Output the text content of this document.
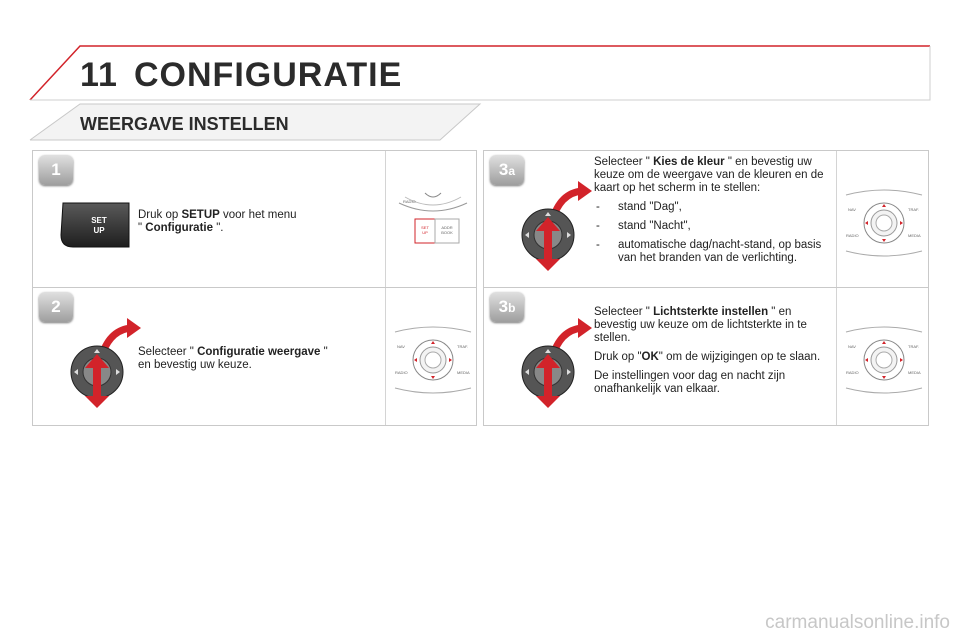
11 CONFIGURATIE
WEERGAVE INSTELLEN
1
SET
UP
Druk op SETUP voor het menu
" Configuratie ".
RADIO
SET
UP
ADDR
BOOK
2
Selecteer " Configuratie weergave "
en bevestig uw keuze.
NAV	TRAF.
RADIO	MEDIA
3a

Selecteer " Kies de kleur " en bevestig uw keuze om de weergave van de kleuren en de kaart op het scherm in te stellen:

- stand "Dag",
- stand "Nacht",
- automatische dag/nacht-stand, op basis van het branden van de verlichting.
NAV	TRAF.
RADIO	MEDIA
3b	Selecteer " Lichtsterkte instellen " en bevestig uw keuze om de lichtsterkte in te stellen.

Druk op "OK" om de wijzigingen op te slaan.

De instellingen voor dag en nacht zijn onafhankelijk van elkaar.

NAV	TRAF.
RADIO	MEDIA
carmanualsonline.info
